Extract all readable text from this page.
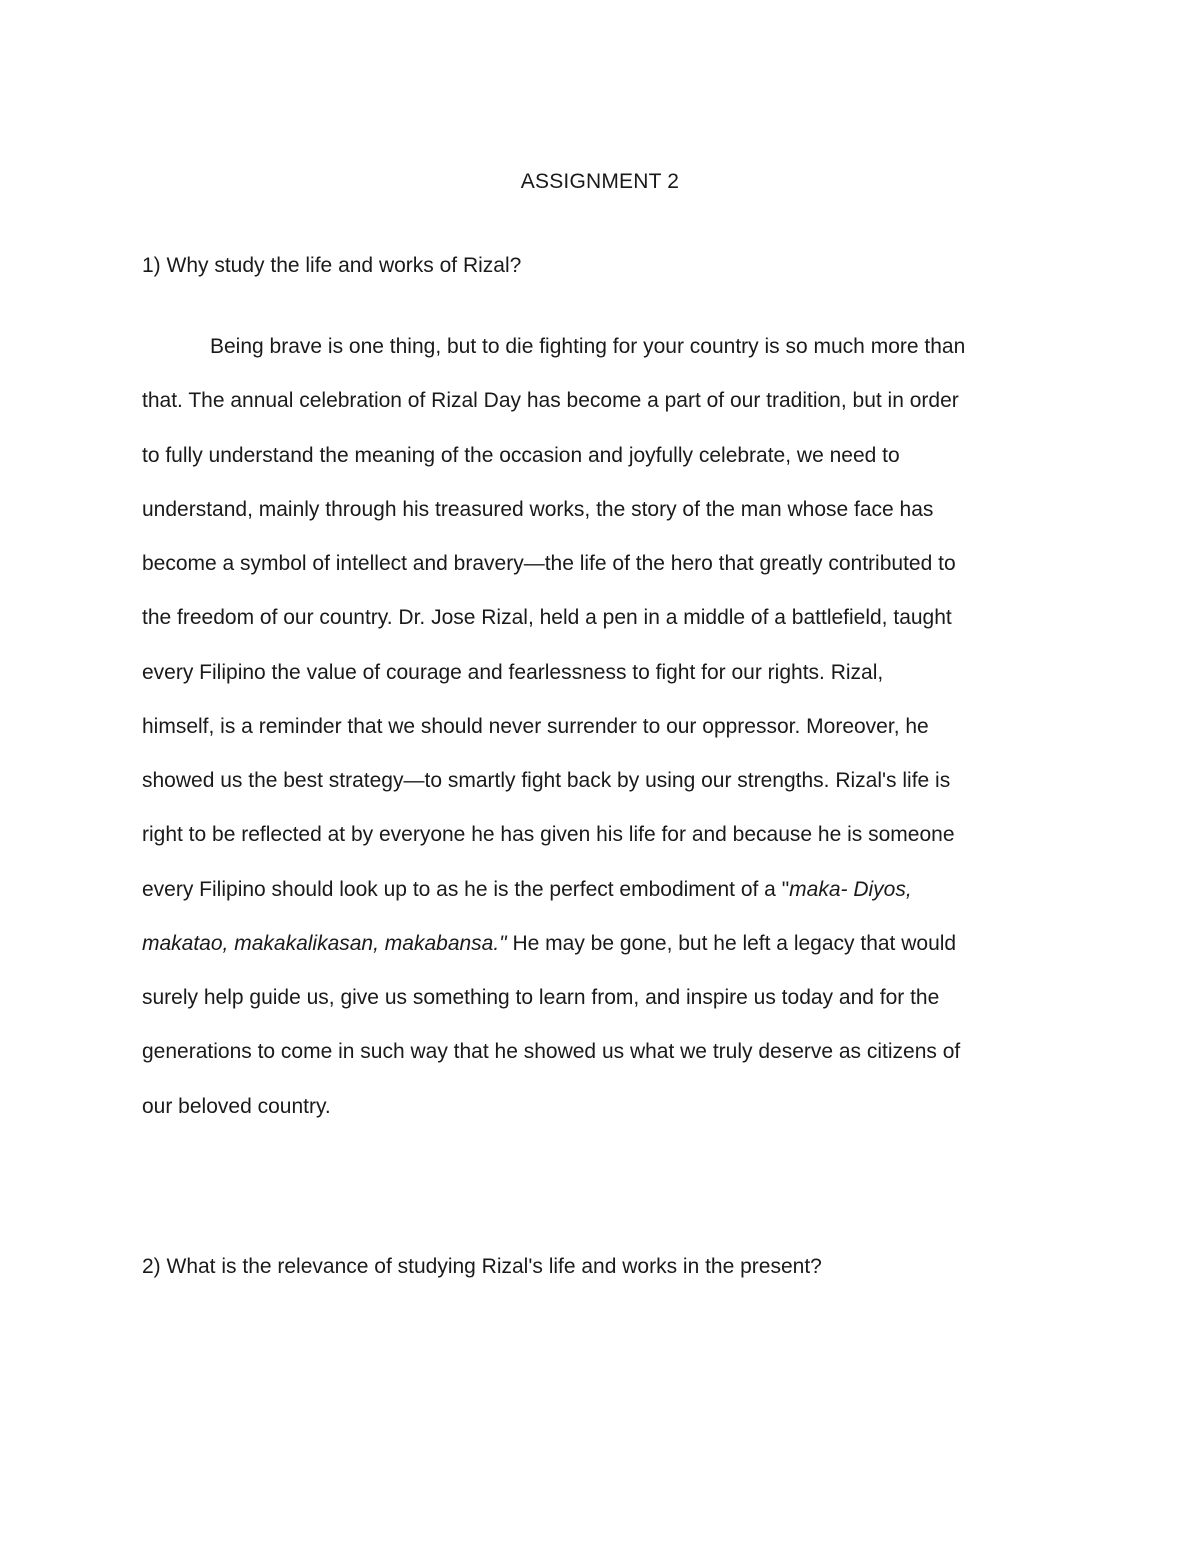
ASSIGNMENT 2
1) Why study the life and works of Rizal?
Being brave is one thing, but to die fighting for your country is so much more than
that. The annual celebration of Rizal Day has become a part of our tradition, but in order
to fully understand the meaning of the occasion and joyfully celebrate, we need to
understand, mainly through his treasured works, the story of the man whose face has
become a symbol of intellect and bravery—the life of the hero that greatly contributed to
the freedom of our country. Dr. Jose Rizal, held a pen in a middle of a battlefield, taught
every Filipino the value of courage and fearlessness to fight for our rights. Rizal,
himself, is a reminder that we should never surrender to our oppressor. Moreover, he
showed us the best strategy—to smartly fight back by using our strengths. Rizal's life is
right to be reflected at by everyone he has given his life for and because he is someone
every Filipino should look up to as he is the perfect embodiment of a "maka- Diyos,
makatao, makakalikasan, makabansa." He may be gone, but he left a legacy that would
surely help guide us, give us something to learn from, and inspire us today and for the
generations to come in such way that he showed us what we truly deserve as citizens of
our beloved country.
2) What is the relevance of studying Rizal's life and works in the present?
